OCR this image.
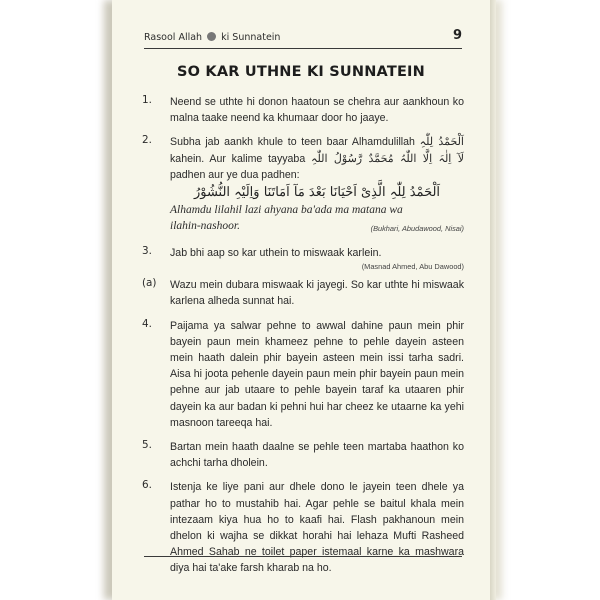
Rasool Allah ki Sunnatein	9
SO KAR UTHNE KI SUNNATEIN
1. Neend se uthte hi donon haatoun se chehra aur aankhoun ko malna taake neend ka khumaar door ho jaaye.
2. Subha jab aankh khule to teen baar Alhamdulillah اَلْحَمْدُ لِلّٰہِ kahein. Aur kalime tayyaba لَآ اِلٰہَ اِلَّا اللّٰہُ مُحَمَّدٌ رَّسُوْلُ اللّٰہِ padhen aur ye dua padhen:
اَلْحَمْدُ لِلّٰہِ الَّذِیْ اَحْیَانَا بَعْدَ مَآ اَمَاتَنَا وَاِلَیْہِ النُّشُوْرُ
Alhamdu lilahil lazi ahyana ba'ada ma matana wa
ilahin-nashoor.	(Bukhari, Abudawood, Nisai)
3. Jab bhi aap so kar uthein to miswaak karlein.
(Masnad Ahmed, Abu Dawood)
(a) Wazu mein dubara miswaak ki jayegi. So kar uthte hi miswaak karlena alheda sunnat hai.
4. Paijama ya salwar pehne to awwal dahine paun mein phir bayein paun mein khameez pehne to pehle dayein asteen mein haath dalein phir bayein asteen mein issi tarha sadri. Aisa hi joota pehenle dayein paun mein phir bayein paun mein pehne aur jab utaare to pehle bayein taraf ka utaaren phir dayein ka aur badan ki pehni hui har cheez ke utaarne ka yehi masnoon tareeqa hai.
5. Bartan mein haath daalne se pehle teen martaba haathon ko achchi tarha dholein.
6. Istenja ke liye pani aur dhele dono le jayein teen dhele ya pathar ho to mustahib hai. Agar pehle se baitul khala mein intezaam kiya hua ho to kaafi hai. Flash pakhanoun mein dhelon ki wajha se dikkat horahi hai lehaza Mufti Rasheed Ahmed Sahab ne toilet paper istemaal karne ka mashwara diya hai ta'ake farsh kharab na ho.
